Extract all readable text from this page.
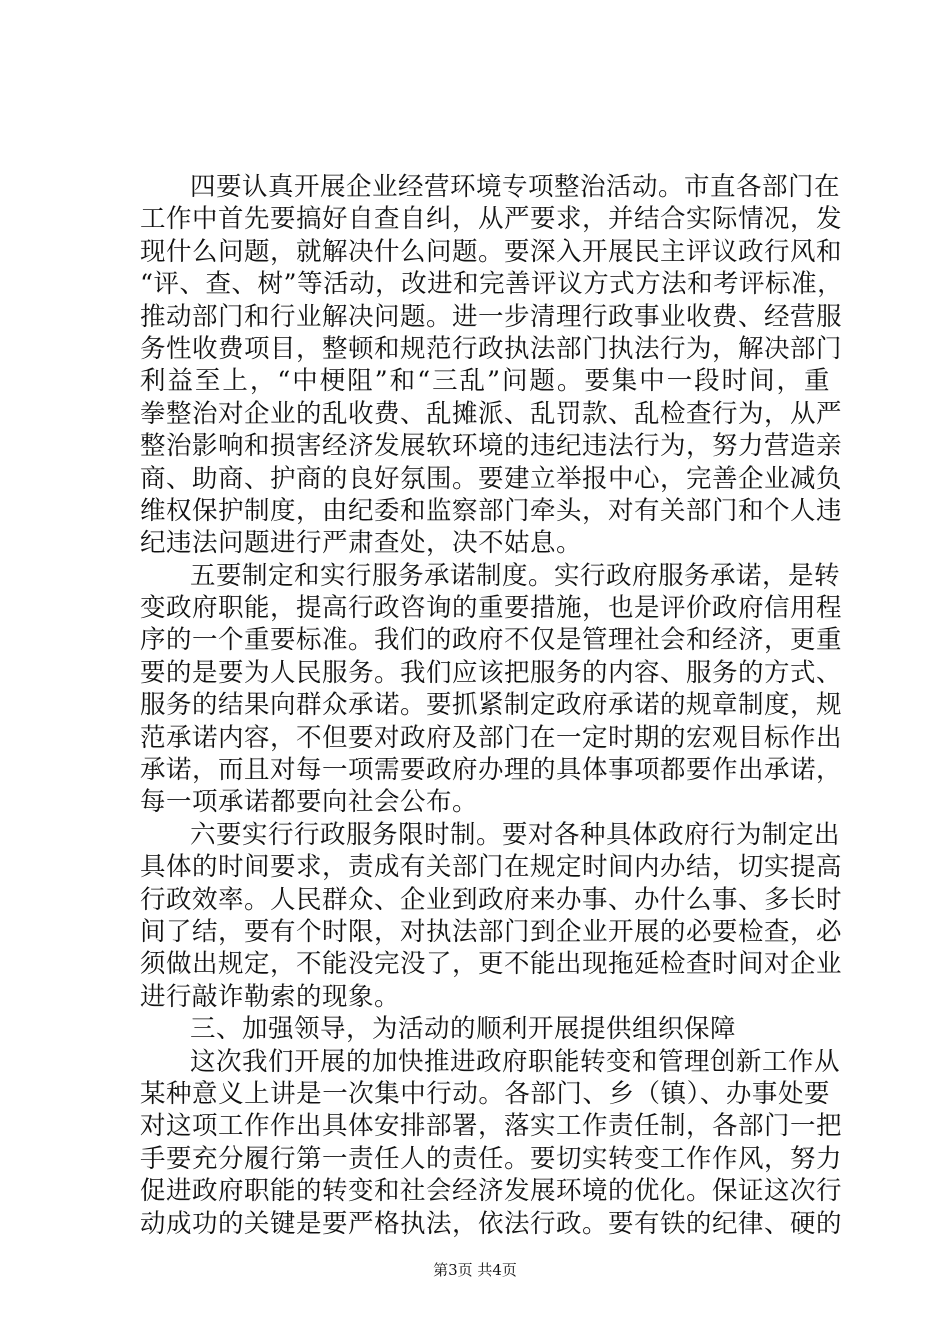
四要认真开展企业经营环境专项整治活动。市直各部门在
工作中首先要搞好自查自纠，从严要求，并结合实际情况，发
现什么问题，就解决什么问题。要深入开展民主评议政行风和
“评、查、树”等活动，改进和完善评议方式方法和考评标准，
推动部门和行业解决问题。进一步清理行政事业收费、经营服
务性收费项目，整顿和规范行政执法部门执法行为，解决部门
利益至上，“中梗阻”和“三乱”问题。要集中一段时间，重
拳整治对企业的乱收费、乱摊派、乱罚款、乱检查行为，从严
整治影响和损害经济发展软环境的违纪违法行为，努力营造亲
商、助商、护商的良好氛围。要建立举报中心，完善企业减负
维权保护制度，由纪委和监察部门牵头，对有关部门和个人违
纪违法问题进行严肃查处，决不姑息。
五要制定和实行服务承诺制度。实行政府服务承诺，是转
变政府职能，提高行政咨询的重要措施，也是评价政府信用程
序的一个重要标准。我们的政府不仅是管理社会和经济，更重
要的是要为人民服务。我们应该把服务的内容、服务的方式、
服务的结果向群众承诺。要抓紧制定政府承诺的规章制度，规
范承诺内容，不但要对政府及部门在一定时期的宏观目标作出
承诺，而且对每一项需要政府办理的具体事项都要作出承诺，
每一项承诺都要向社会公布。
六要实行行政服务限时制。要对各种具体政府行为制定出
具体的时间要求，责成有关部门在规定时间内办结，切实提高
行政效率。人民群众、企业到政府来办事、办什么事、多长时
间了结，要有个时限，对执法部门到企业开展的必要检查，必
须做出规定，不能没完没了，更不能出现拖延检查时间对企业
进行敲诈勒索的现象。
三、加强领导，为活动的顺利开展提供组织保障
这次我们开展的加快推进政府职能转变和管理创新工作从
某种意义上讲是一次集中行动。各部门、乡（镇）、办事处要
对这项工作作出具体安排部署，落实工作责任制，各部门一把
手要充分履行第一责任人的责任。要切实转变工作作风，努力
促进政府职能的转变和社会经济发展环境的优化。保证这次行
动成功的关键是要严格执法，依法行政。要有铁的纪律、硬的
第3页 共4页
